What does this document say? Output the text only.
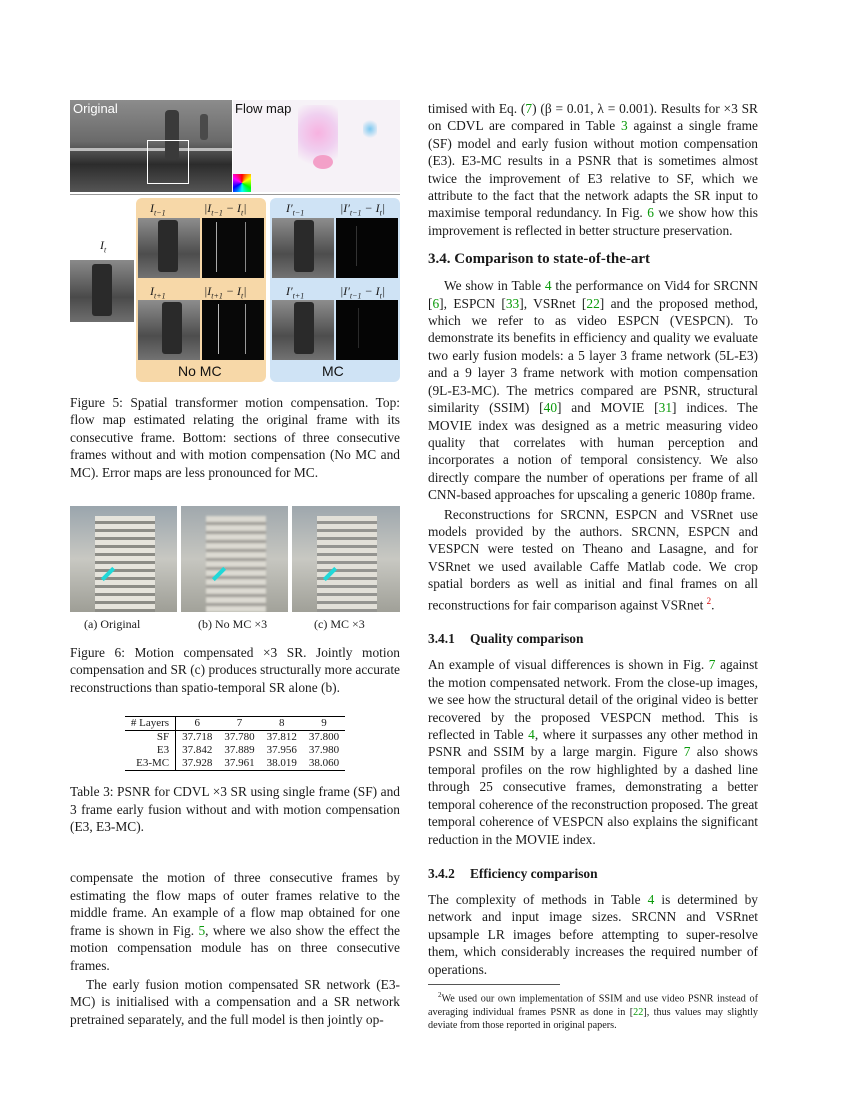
Original	Flow map
$I_t$
$I_{t-1}$	$|I_{t-1} - I_t|$
$I_{t+1}$	$|I_{t+1} - I_t|$
No MC
$I'_{t-1}$	$|I'_{t-1} - I_t|$
$I'_{t+1}$	$|I'_{t-1} - I_t|$
MC

Figure 5: Spatial transformer motion compensation. Top: flow map estimated relating the original frame with its consecutive frame. Bottom: sections of three consecutive frames without and with motion compensation (No MC and MC). Error maps are less pronounced for MC.

(a) Original	(b) No MC ×3	(c) MC ×3

Figure 6: Motion compensated ×3 SR. Jointly motion compensation and SR (c) produces structurally more accurate reconstructions than spatio-temporal SR alone (b).

# Layers	6	7	8	9
SF	37.718	37.780	37.812	37.800
E3	37.842	37.889	37.956	37.980
E3-MC	37.928	37.961	38.019	38.060

Table 3: PSNR for CDVL ×3 SR using single frame (SF) and 3 frame early fusion without and with motion compensation (E3, E3-MC).

compensate the motion of three consecutive frames by estimating the flow maps of outer frames relative to the middle frame. An example of a flow map obtained for one frame is shown in Fig. 5, where we also show the effect the motion compensation module has on three consecutive frames.

The early fusion motion compensated SR network (E3-MC) is initialised with a compensation and a SR network pretrained separately, and the full model is then jointly op-

timised with Eq. (7) (β = 0.01, λ = 0.001). Results for ×3 SR on CDVL are compared in Table 3 against a single frame (SF) model and early fusion without motion compensation (E3). E3-MC results in a PSNR that is sometimes almost twice the improvement of E3 relative to SF, which we attribute to the fact that the network adapts the SR input to maximise temporal redundancy. In Fig. 6 we show how this improvement is reflected in better structure preservation.

3.4. Comparison to state-of-the-art

We show in Table 4 the performance on Vid4 for SRCNN [6], ESPCN [33], VSRnet [22] and the proposed method, which we refer to as video ESPCN (VESPCN). To demonstrate its benefits in efficiency and quality we evaluate two early fusion models: a 5 layer 3 frame network (5L-E3) and a 9 layer 3 frame network with motion compensation (9L-E3-MC). The metrics compared are PSNR, structural similarity (SSIM) [40] and MOVIE [31] indices. The MOVIE index was designed as a metric measuring video quality that correlates with human perception and incorporates a notion of temporal consistency. We also directly compare the number of operations per frame of all CNN-based approaches for upscaling a generic 1080p frame.

Reconstructions for SRCNN, ESPCN and VSRnet use models provided by the authors. SRCNN, ESPCN and VESPCN were tested on Theano and Lasagne, and for VSRnet we used available Caffe Matlab code. We crop spatial borders as well as initial and final frames on all reconstructions for fair comparison against VSRnet $^2$.

3.4.1 Quality comparison

An example of visual differences is shown in Fig. 7 against the motion compensated network. From the close-up images, we see how the structural detail of the original video is better recovered by the proposed VESPCN method. This is reflected in Table 4, where it surpasses any other method in PSNR and SSIM by a large margin. Figure 7 also shows temporal profiles on the row highlighted by a dashed line through 25 consecutive frames, demonstrating a better temporal coherence of the reconstruction proposed. The great temporal coherence of VESPCN also explains the significant reduction in the MOVIE index.

3.4.2 Efficiency comparison

The complexity of methods in Table 4 is determined by network and input image sizes. SRCNN and VSRnet upsample LR images before attempting to super-resolve them, which considerably increases the required number of operations.

$^2$We used our own implementation of SSIM and use video PSNR instead of averaging individual frames PSNR as done in [22], thus values may slightly deviate from those reported in original papers.
